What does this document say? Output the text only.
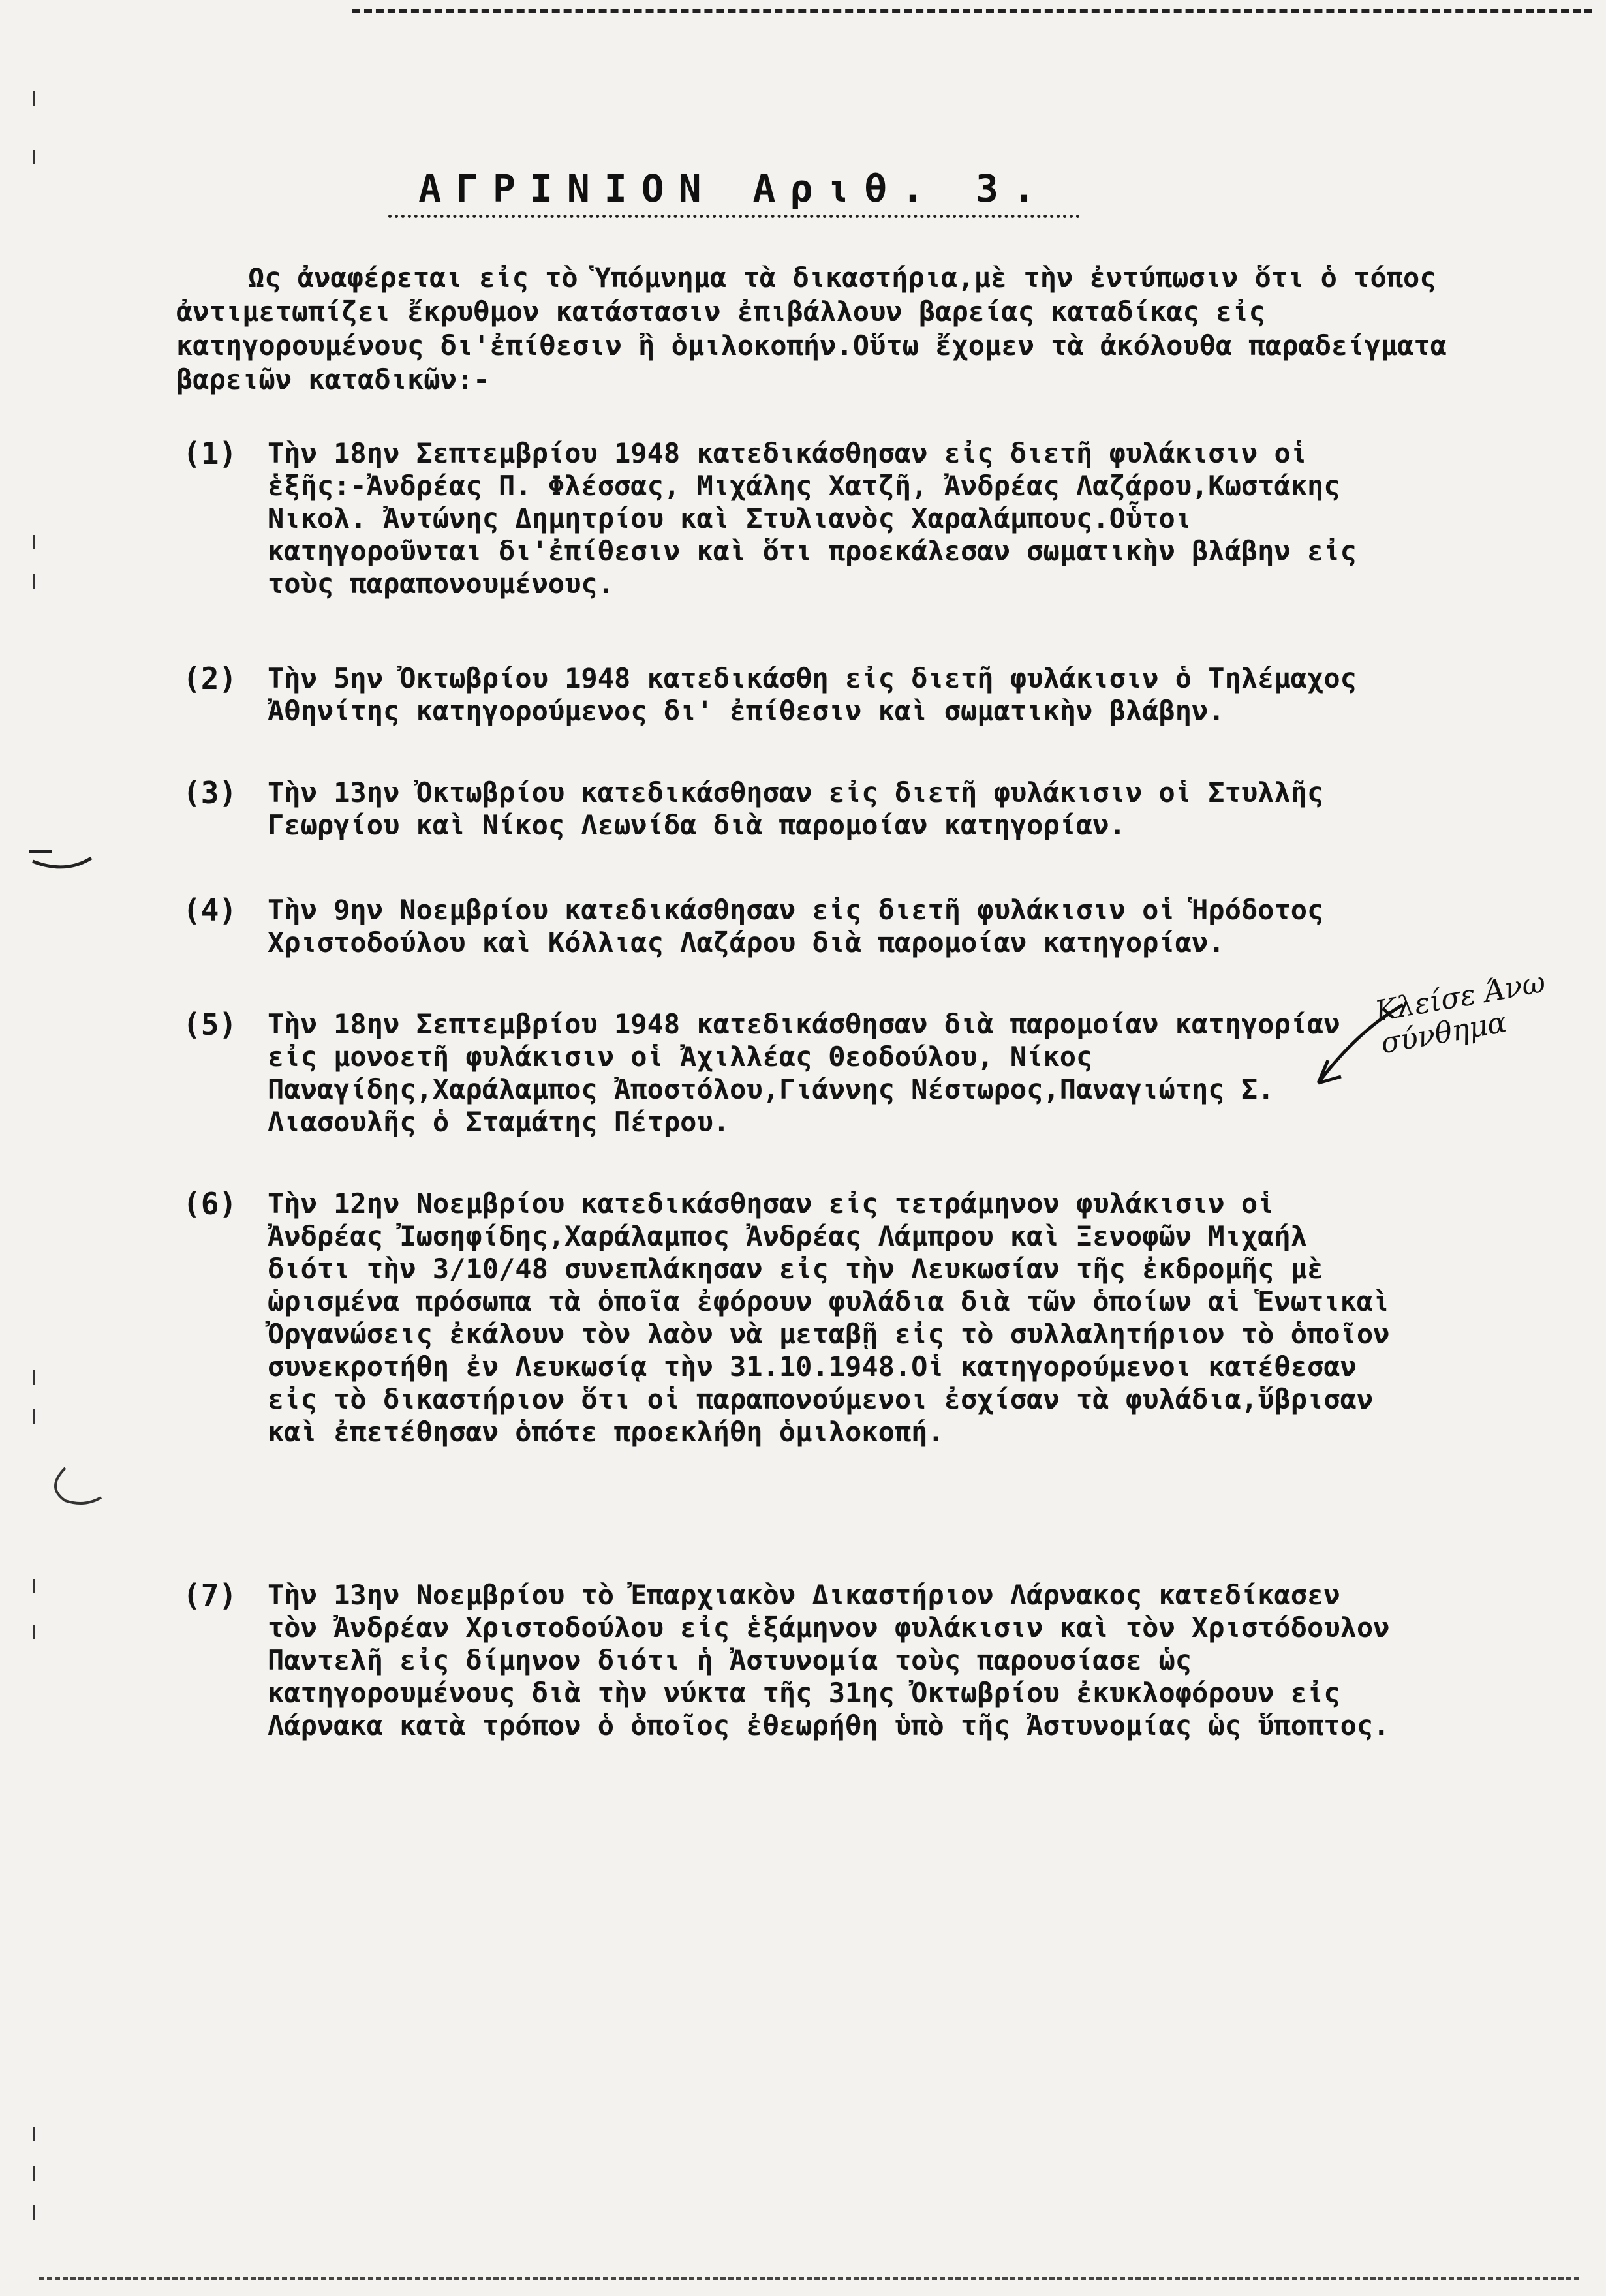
ΑΓΡΙΝΙΟΝ Αριθ. 3.
Ως ἀναφέρεται εἰς τὸ Ὑπόμνημα τὰ δικαστήρια,μὲ τὴν ἐντύπωσιν ὅτι ὁ τόπος ἀντιμετωπίζει ἔκρυθμον κατάστασιν ἐπιβάλλουν βαρείας καταδίκας εἰς κατηγορουμένους δι'ἐπίθεσιν ἢ ὁμιλοκοπήν.Οὕτω ἔχομεν τὰ ἀκόλουθα παραδείγματα βαρειῶν καταδικῶν:-
(1) Τὴν 18ην Σεπτεμβρίου 1948 κατεδικάσθησαν εἰς διετῆ φυλάκισιν οἱ ἑξῆς:-Ἀνδρέας Π. Φλέσσας, Μιχάλης Χατζῆ, Ἀνδρέας Λαζάρου,Κωστάκης Νικολ. Ἀντώνης Δημητρίου καὶ Στυλιανὸς Χαραλάμπους.Οὗτοι κατηγοροῦνται δι'ἐπίθεσιν καὶ ὅτι προεκάλεσαν σωματικὴν βλάβην εἰς τοὺς παραπονουμένους.
(2) Τὴν 5ην Ὀκτωβρίου 1948 κατεδικάσθη εἰς διετῆ φυλάκισιν ὁ Τηλέμαχος Ἀθηνίτης κατηγορούμενος δι' ἐπίθεσιν καὶ σωματικὴν βλάβην.
(3) Τὴν 13ην Ὀκτωβρίου κατεδικάσθησαν εἰς διετῆ φυλάκισιν οἱ Στυλλῆς Γεωργίου καὶ Νίκος Λεωνίδα διὰ παρομοίαν κατηγορίαν.
(4) Τὴν 9ην Νοεμβρίου κατεδικάσθησαν εἰς διετῆ φυλάκισιν οἱ Ἡρόδοτος Χριστοδούλου καὶ Κόλλιας Λαζάρου διὰ παρομοίαν κατηγορίαν.
(5) Τὴν 18ην Σεπτεμβρίου 1948 κατεδικάσθησαν διὰ παρομοίαν κατηγορίαν εἰς μονοετῆ φυλάκισιν οἱ Ἀχιλλέας Θεοδούλου, Νίκος Παναγίδης,Χαράλαμπος Ἀποστόλου,Γιάννης Νέστωρος,Παναγιώτης Σ. Λιασουλῆς ὁ Σταμάτης Πέτρου.
(6) Τὴν 12ην Νοεμβρίου κατεδικάσθησαν εἰς τετράμηνον φυλάκισιν οἱ Ἀνδρέας Ἰωσηφίδης,Χαράλαμπος Ἀνδρέας Λάμπρου καὶ Ξενοφῶν Μιχαήλ διότι τὴν 3/10/48 συνεπλάκησαν εἰς τὴν Λευκωσίαν τῆς ἐκδρομῆς μὲ ὡρισμένα πρόσωπα τὰ ὁποῖα ἐφόρουν φυλάδια διὰ τῶν ὁποίων αἱ Ἑνωτικαὶ Ὀργανώσεις ἐκάλουν τὸν λαὸν νὰ μεταβῇ εἰς τὸ συλλαλητήριον τὸ ὁποῖον συνεκροτήθη ἐν Λευκωσίᾳ τὴν 31.10.1948.Οἱ κατηγορούμενοι κατέθεσαν εἰς τὸ δικαστήριον ὅτι οἱ παραπονούμενοι ἐσχίσαν τὰ φυλάδια,ὕβρισαν καὶ ἐπετέθησαν ὁπότε προεκλήθη ὁμιλοκοπή.
(7) Τὴν 13ην Νοεμβρίου τὸ Ἐπαρχιακὸν Δικαστήριον Λάρνακος κατεδίκασεν τὸν Ἀνδρέαν Χριστοδούλου εἰς ἑξάμηνον φυλάκισιν καὶ τὸν Χριστόδουλον Παντελῆ εἰς δίμηνον διότι ἡ Ἀστυνομία τοὺς παρουσίασε ὡς κατηγορουμένους διὰ τὴν νύκτα τῆς 31ης Ὀκτωβρίου ἐκυκλοφόρουν εἰς Λάρνακα κατὰ τρόπον ὁ ὁποῖος ἐθεωρήθη ὑπὸ τῆς Ἀστυνομίας ὡς ὕποπτος.
Κλείσε Άνω σύνθημα
